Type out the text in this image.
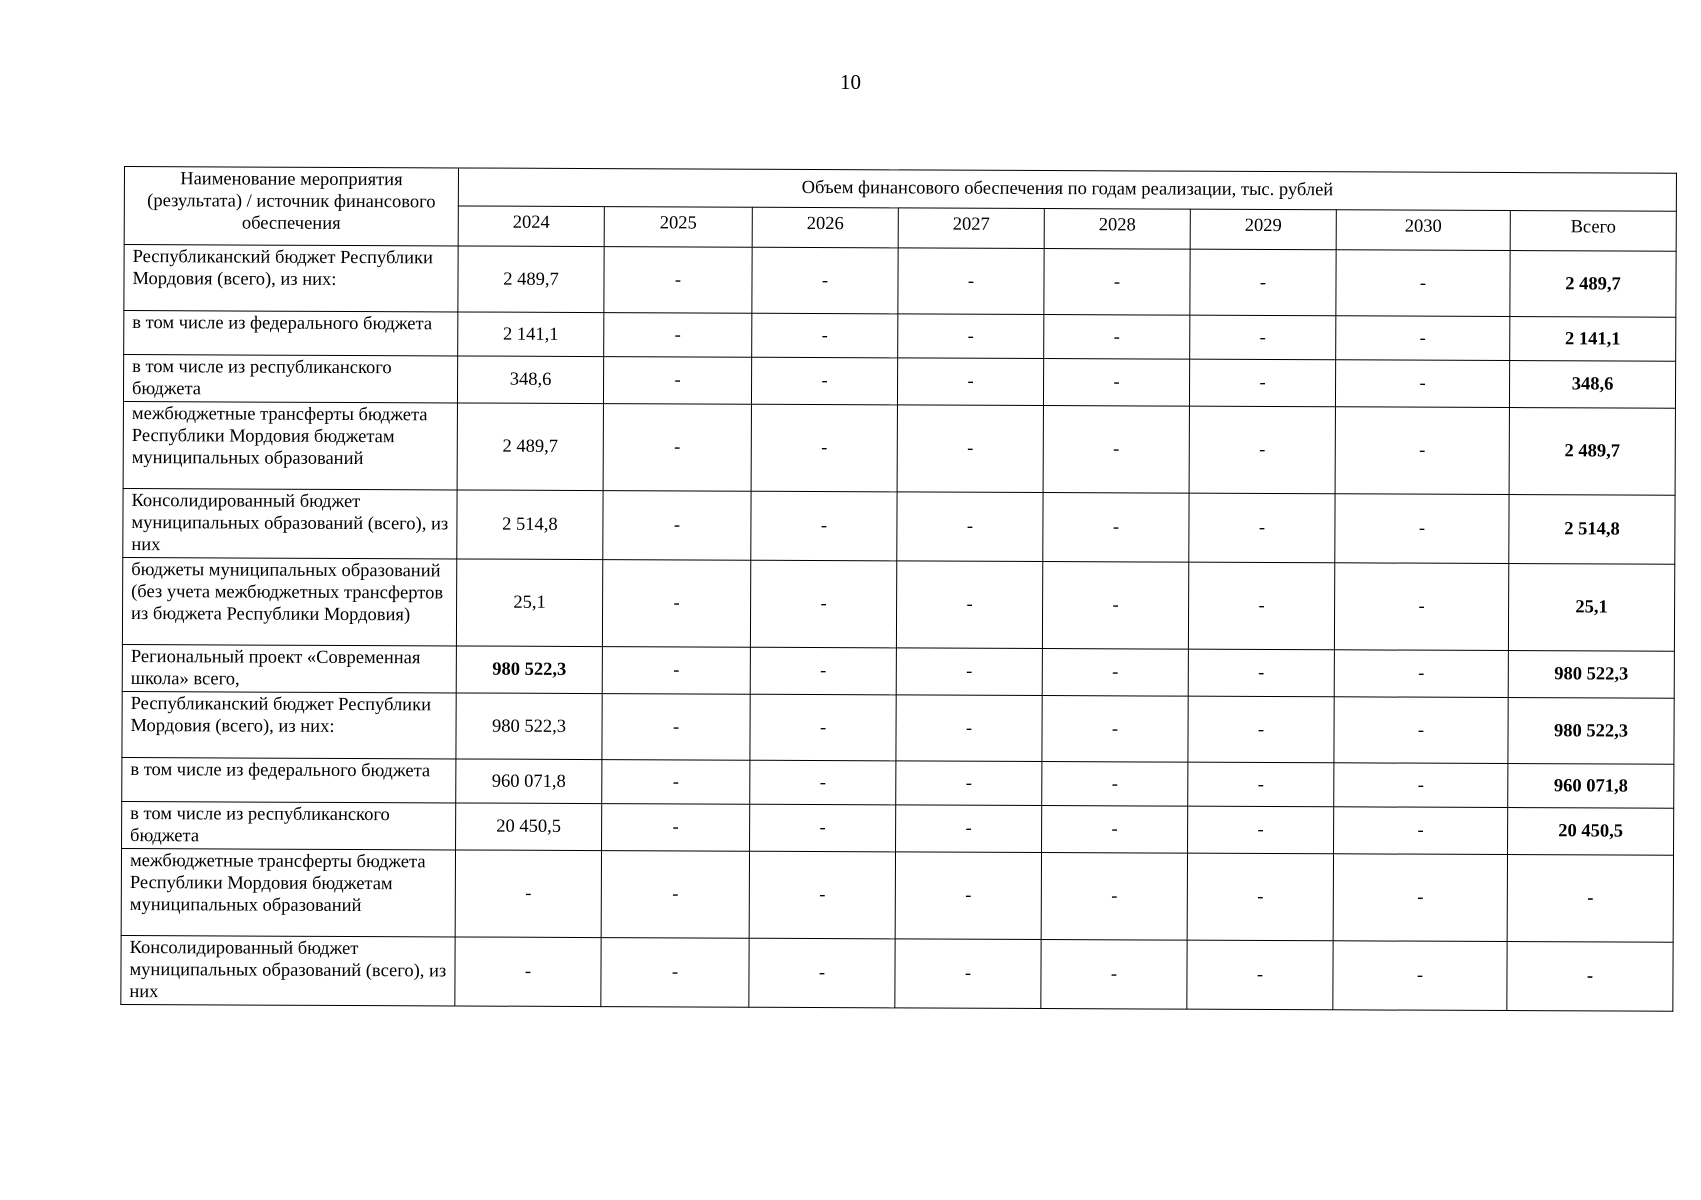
10
Наименование мероприятия (результата) / источник финансового обеспечения	Объем финансового обеспечения по годам реализации, тыс. рублей							
	2024	2025	2026	2027	2028	2029	2030	Всего
Республиканский бюджет Республики Мордовия (всего), из них:	2 489,7	-	-	-	-	-	-	2 489,7
в том числе из федерального бюджета	2 141,1	-	-	-	-	-	-	2 141,1
в том числе из республиканского бюджета	348,6	-	-	-	-	-	-	348,6
межбюджетные трансферты бюджета Республики Мордовия бюджетам муниципальных образований	2 489,7	-	-	-	-	-	-	2 489,7
Консолидированный бюджет муниципальных образований (всего), из них	2 514,8	-	-	-	-	-	-	2 514,8
бюджеты муниципальных образований (без учета межбюджетных трансфертов из бюджета Республики Мордовия)	25,1	-	-	-	-	-	-	25,1
Региональный проект «Современная школа» всего,	980 522,3	-	-	-	-	-	-	980 522,3
Республиканский бюджет Республики Мордовия (всего), из них:	980 522,3	-	-	-	-	-	-	980 522,3
в том числе из федерального бюджета	960 071,8	-	-	-	-	-	-	960 071,8
в том числе из республиканского бюджета	20 450,5	-	-	-	-	-	-	20 450,5
межбюджетные трансферты бюджета Республики Мордовия бюджетам муниципальных образований	-	-	-	-	-	-	-	-
Консолидированный бюджет муниципальных образований (всего), из них	-	-	-	-	-	-	-	-
